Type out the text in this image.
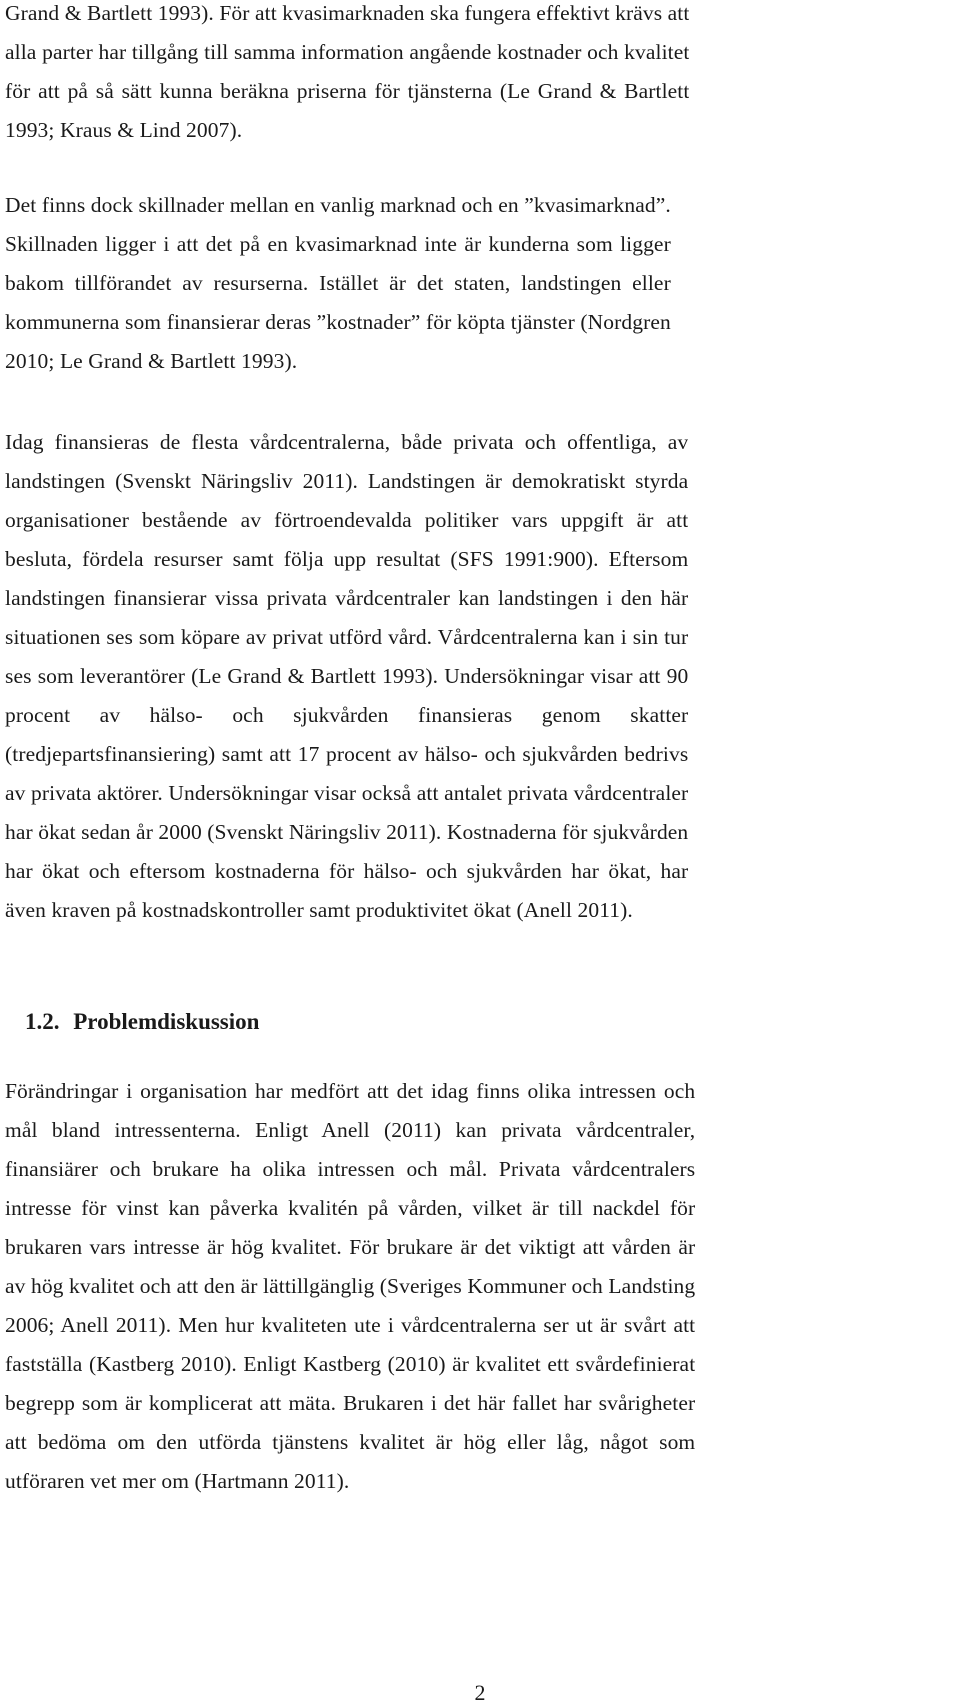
Grand & Bartlett 1993). För att kvasimarknaden ska fungera effektivt krävs att
alla parter har tillgång till samma information angående kostnader och kvalitet
för att på så sätt kunna beräkna priserna för tjänsterna (Le Grand & Bartlett
1993; Kraus & Lind 2007).

Det finns dock skillnader mellan en vanlig marknad och en ”kvasimarknad”.
Skillnaden ligger i att det på en kvasimarknad inte är kunderna som ligger
bakom tillförandet av resurserna. Istället är det staten, landstingen eller
kommunerna som finansierar deras ”kostnader” för köpta tjänster (Nordgren
2010; Le Grand & Bartlett 1993).

Idag finansieras de flesta vårdcentralerna, både privata och offentliga, av
landstingen (Svenskt Näringsliv 2011). Landstingen är demokratiskt styrda
organisationer bestående av förtroendevalda politiker vars uppgift är att
besluta, fördela resurser samt följa upp resultat (SFS 1991:900). Eftersom
landstingen finansierar vissa privata vårdcentraler kan landstingen i den här
situationen ses som köpare av privat utförd vård. Vårdcentralerna kan i sin tur
ses som leverantörer (Le Grand & Bartlett 1993). Undersökningar visar att 90
procent av hälso- och sjukvården finansieras genom skatter
(tredjepartsfinansiering) samt att 17 procent av hälso- och sjukvården bedrivs
av privata aktörer. Undersökningar visar också att antalet privata vårdcentraler
har ökat sedan år 2000 (Svenskt Näringsliv 2011). Kostnaderna för sjukvården
har ökat och eftersom kostnaderna för hälso- och sjukvården har ökat, har
även kraven på kostnadskontroller samt produktivitet ökat (Anell 2011).

1.2. Problemdiskussion

Förändringar i organisation har medfört att det idag finns olika intressen och
mål bland intressenterna. Enligt Anell (2011) kan privata vårdcentraler,
finansiärer och brukare ha olika intressen och mål. Privata vårdcentralers
intresse för vinst kan påverka kvalitén på vården, vilket är till nackdel för
brukaren vars intresse är hög kvalitet. För brukare är det viktigt att vården är
av hög kvalitet och att den är lättillgänglig (Sveriges Kommuner och Landsting
2006; Anell 2011). Men hur kvaliteten ute i vårdcentralerna ser ut är svårt att
fastställa (Kastberg 2010). Enligt Kastberg (2010) är kvalitet ett svårdefinierat
begrepp som är komplicerat att mäta. Brukaren i det här fallet har svårigheter
att bedöma om den utförda tjänstens kvalitet är hög eller låg, något som
utföraren vet mer om (Hartmann 2011).

2
